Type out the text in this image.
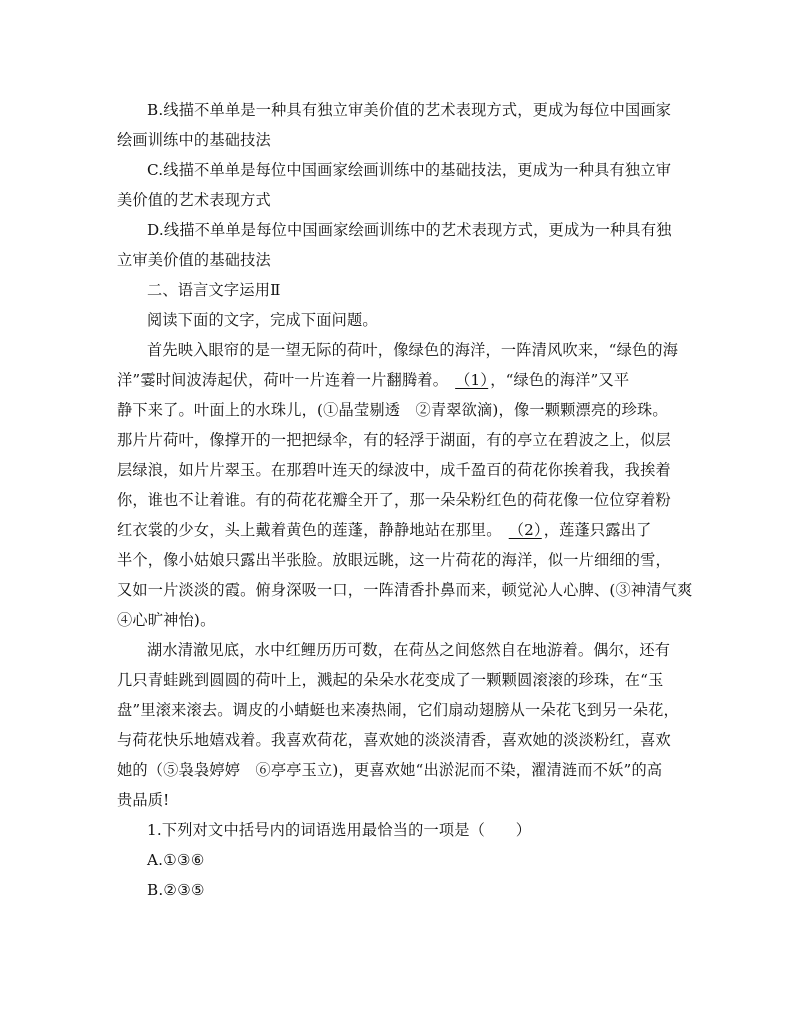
B.线描不单单是一种具有独立审美价值的艺术表现方式，更成为每位中国画家
绘画训练中的基础技法
C.线描不单单是每位中国画家绘画训练中的基础技法，更成为一种具有独立审
美价值的艺术表现方式
D.线描不单单是每位中国画家绘画训练中的艺术表现方式，更成为一种具有独
立审美价值的基础技法
二、语言文字运用Ⅱ
阅读下面的文字，完成下面问题。
首先映入眼帘的是一望无际的荷叶，像绿色的海洋，一阵清风吹来，“绿色的海
洋”霎时间波涛起伏，荷叶一片连着一片翻腾着。 （1） ，“绿色的海洋”又平
静下来了。叶面上的水珠儿，(①晶莹剔透　②青翠欲滴)，像一颗颗漂亮的珍珠。
那片片荷叶，像撑开的一把把绿伞，有的轻浮于湖面，有的亭立在碧波之上，似层
层绿浪，如片片翠玉。在那碧叶连天的绿波中，成千盈百的荷花你挨着我，我挨着
你，谁也不让着谁。有的荷花花瓣全开了，那一朵朵粉红色的荷花像一位位穿着粉
红衣裳的少女，头上戴着黄色的莲蓬，静静地站在那里。 （2） ，莲蓬只露出了
半个，像小姑娘只露出半张脸。放眼远眺，这一片荷花的海洋，似一片细细的雪，
又如一片淡淡的霞。俯身深吸一口，一阵清香扑鼻而来，顿觉沁人心脾、(③神清气爽
④心旷神怡)。
湖水清澈见底，水中红鲤历历可数，在荷丛之间悠然自在地游着。偶尔，还有
几只青蛙跳到圆圆的荷叶上，溅起的朵朵水花变成了一颗颗圆滚滚的珍珠，在“玉
盘”里滚来滚去。调皮的小蜻蜓也来凑热闹，它们扇动翅膀从一朵花飞到另一朵花，
与荷花快乐地嬉戏着。我喜欢荷花，喜欢她的淡淡清香，喜欢她的淡淡粉红，喜欢
她的（⑤袅袅婷婷　⑥亭亭玉立)，更喜欢她“出淤泥而不染，濯清涟而不妖”的高
贵品质!
1.下列对文中括号内的词语选用最恰当的一项是（　　）
A.①③⑥
B.②③⑤
